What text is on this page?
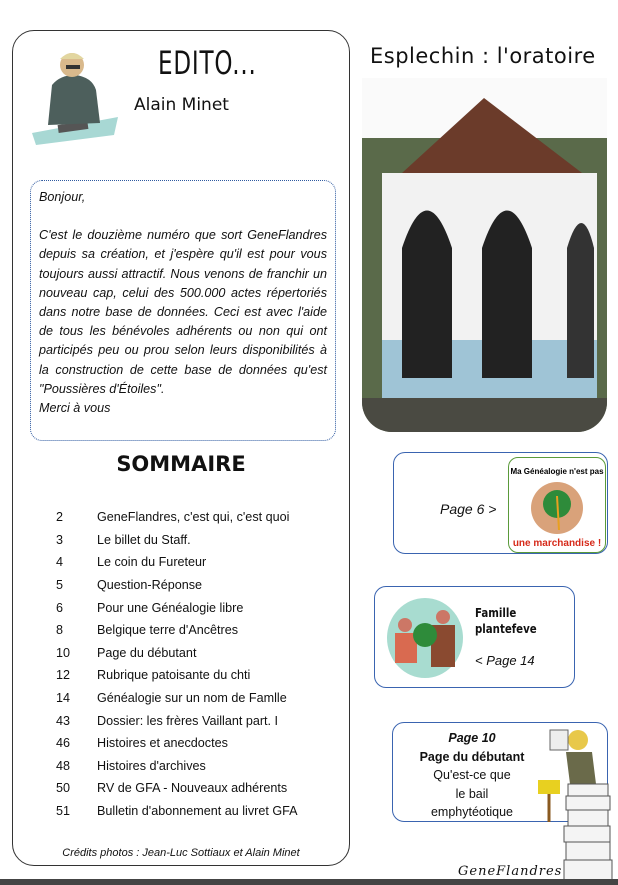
EDITO...
Alain Minet

Bonjour,

C'est le douzième numéro que sort GeneFlandres depuis sa création, et j'espère qu'il est pour vous toujours aussi attractif. Nous venons de franchir un nouveau cap, celui des 500.000 actes répertoriés dans notre base de données. Ceci est avec l'aide de tous les bénévoles adhérents ou non qui ont participés peu ou prou selon leurs disponibilités à la construction de cette base de données qu'est "Poussières d'Étoiles".

Merci à vous

SOMMAIRE
2	GeneFlandres, c'est qui, c'est quoi
3	Le billet du Staff.
4	Le coin du Fureteur
5	Question-Réponse
6	Pour une Généalogie libre
8	Belgique terre d'Ancêtres
10	Page du débutant
12	Rubrique patoisante du chti
14	Généalogie sur un nom de Famlle
43	Dossier: les frères Vaillant part. I
46	Histoires et anecdoctes
48	Histoires d'archives
50	RV de GFA - Nouveaux adhérents
51	Bulletin d'abonnement au livret GFA
Crédits photos : Jean-Luc Sottiaux et Alain Minet
Esplechin : l'oratoire
Page 6 >
Ma Généalogie n'est pas
une marchandise !
Famille
plantefeve
< Page 14
Page 10
Page du débutant
Qu'est-ce que
le bail
emphytéotique
GeneFlandres
